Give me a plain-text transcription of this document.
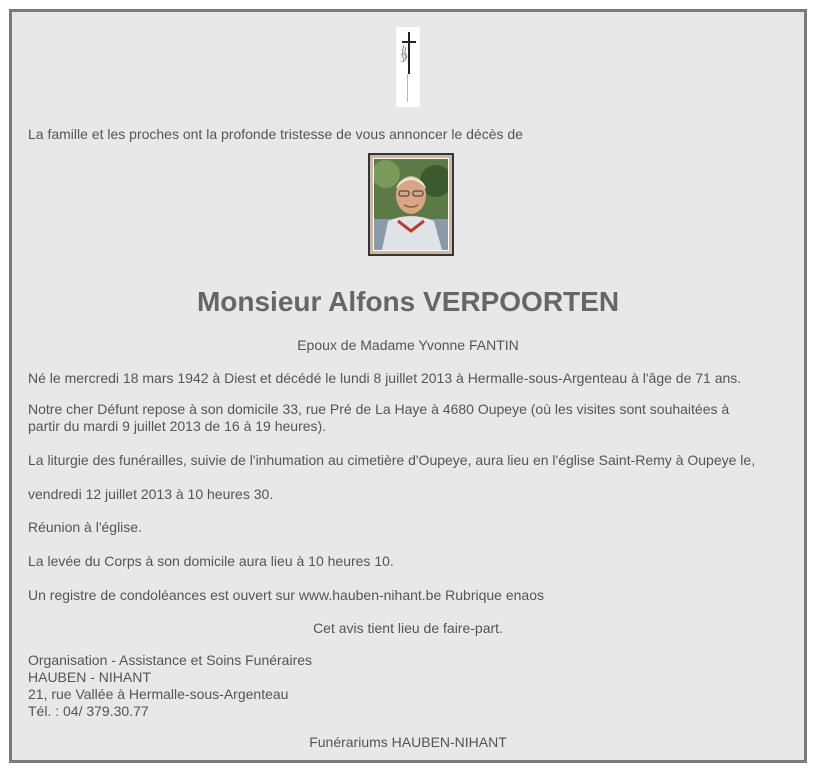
La famille et les proches ont la profonde tristesse de vous annoncer le décès de
Monsieur Alfons VERPOORTEN
Epoux de Madame Yvonne FANTIN
Né le mercredi 18 mars 1942 à Diest et décédé le lundi 8 juillet 2013 à Hermalle-sous-Argenteau à l'âge de 71 ans.
Notre cher Défunt repose à son domicile 33, rue Pré de La Haye à 4680 Oupeye (où les visites sont souhaitées à
partir du mardi 9 juillet 2013 de 16 à 19 heures).
La liturgie des funérailles, suivie de l'inhumation au cimetière d'Oupeye, aura lieu en l'église Saint-Remy à Oupeye le,
vendredi 12 juillet 2013 à 10 heures 30.
Réunion à l'église.
La levée du Corps à son domicile aura lieu à 10 heures 10.
Un registre de condoléances est ouvert sur www.hauben-nihant.be Rubrique enaos
Cet avis tient lieu de faire-part.
Organisation - Assistance et Soins Funéraires
HAUBEN - NIHANT
21, rue Vallée à Hermalle-sous-Argenteau
Tél. : 04/ 379.30.77
Funérariums HAUBEN-NIHANT
